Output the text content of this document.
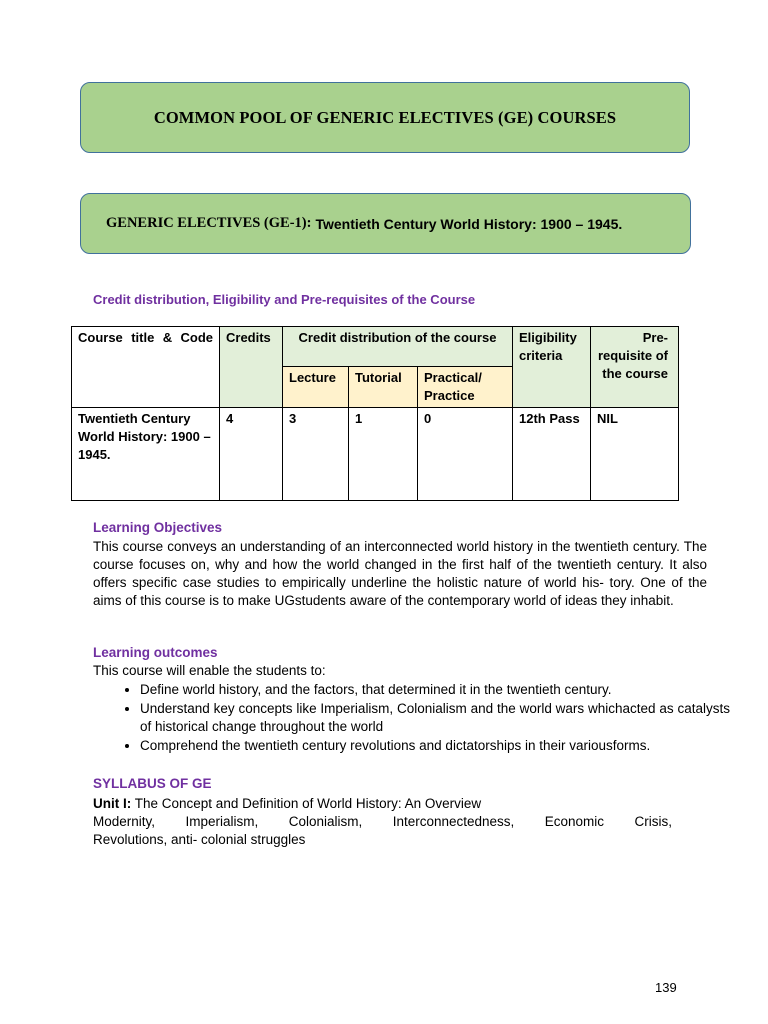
COMMON POOL OF GENERIC ELECTIVES (GE) COURSES
GENERIC ELECTIVES (GE-1): Twentieth Century World History: 1900 – 1945.
Credit distribution, Eligibility and Pre-requisites of the Course
Course title & Code	Credits	Credit distribution of the course			Eligibility criteria	Pre-requisite of the course
		Lecture	Tutorial	Practical/ Practice		
Twentieth Century World History: 1900 – 1945.	4	3	1	0	12th Pass	NIL
Learning Objectives
This course conveys an understanding of an interconnected world history in the twentieth century. The course focuses on, why and how the world changed in the first half of the twentieth century. It also offers specific case studies to empirically underline the holistic nature of world his- tory. One of the aims of this course is to make UGstudents aware of the contemporary world of ideas they inhabit.
Learning outcomes
This course will enable the students to:
• Define world history, and the factors, that determined it in the twentieth century.
• Understand key concepts like Imperialism, Colonialism and the world wars whichacted as catalysts of historical change throughout the world
• Comprehend the twentieth century revolutions and dictatorships in their variousforms.
SYLLABUS OF GE
Unit I: The Concept and Definition of World History: An Overview
Modernity, Imperialism, Colonialism, Interconnectedness, Economic Crisis,
Revolutions, anti- colonial struggles
139
